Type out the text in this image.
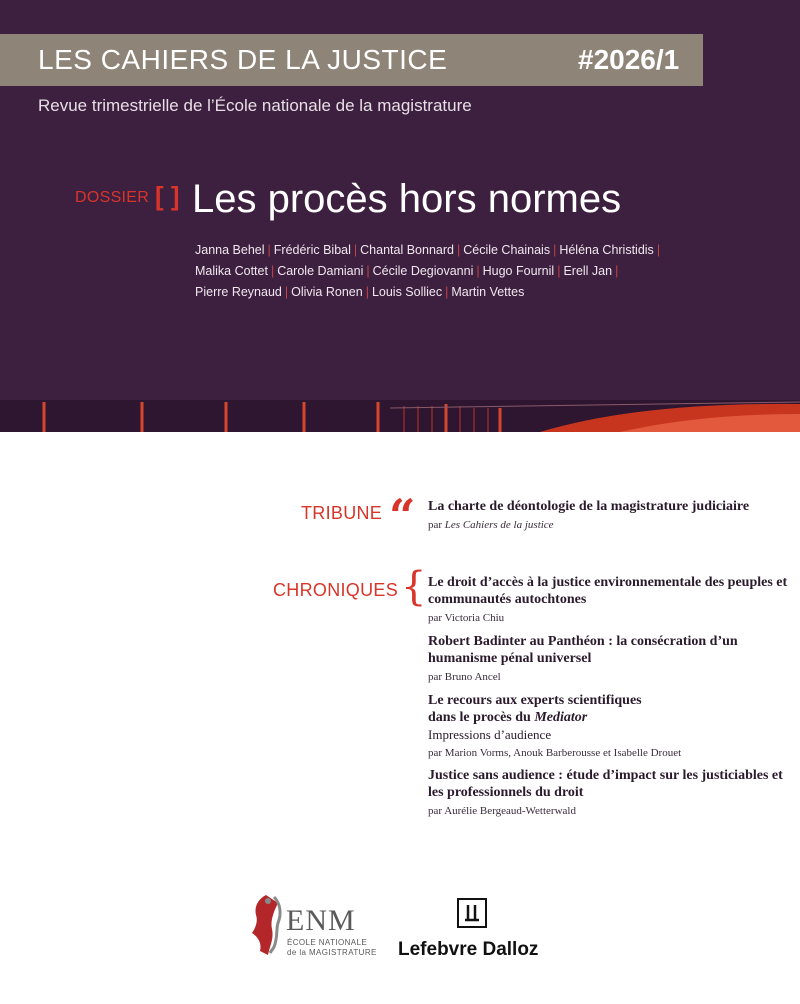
LES CAHIERS DE LA JUSTICE	#2026/1
Revue trimestrielle de l’École nationale de la magistrature
DOSSIER [ ] Les procès hors normes
Janna Behel | Frédéric Bibal | Chantal Bonnard | Cécile Chainais | Héléna Christidis |
Malika Cottet | Carole Damiani | Cécile Degiovanni | Hugo Fournil | Erell Jan |
Pierre Reynaud | Olivia Ronen | Louis Solliec | Martin Vettes
TRIBUNE “ La charte de déontologie de la magistrature judiciaire
par Les Cahiers de la justice
CHRONIQUES { Le droit d’accès à la justice environnementale des peuples et communautés autochtones
par Victoria Chiu
Robert Badinter au Panthéon : la consécration d’un humanisme pénal universel
par Bruno Ancel
Le recours aux experts scientifiques
dans le procès du Mediator
Impressions d’audience
par Marion Vorms, Anouk Barberousse et Isabelle Drouet
Justice sans audience : étude d’impact sur les justiciables et les professionnels du droit
par Aurélie Bergeaud-Wetterwald
ENM
ÉCOLE NATIONALE
de la MAGISTRATURE Lefebvre Dalloz
